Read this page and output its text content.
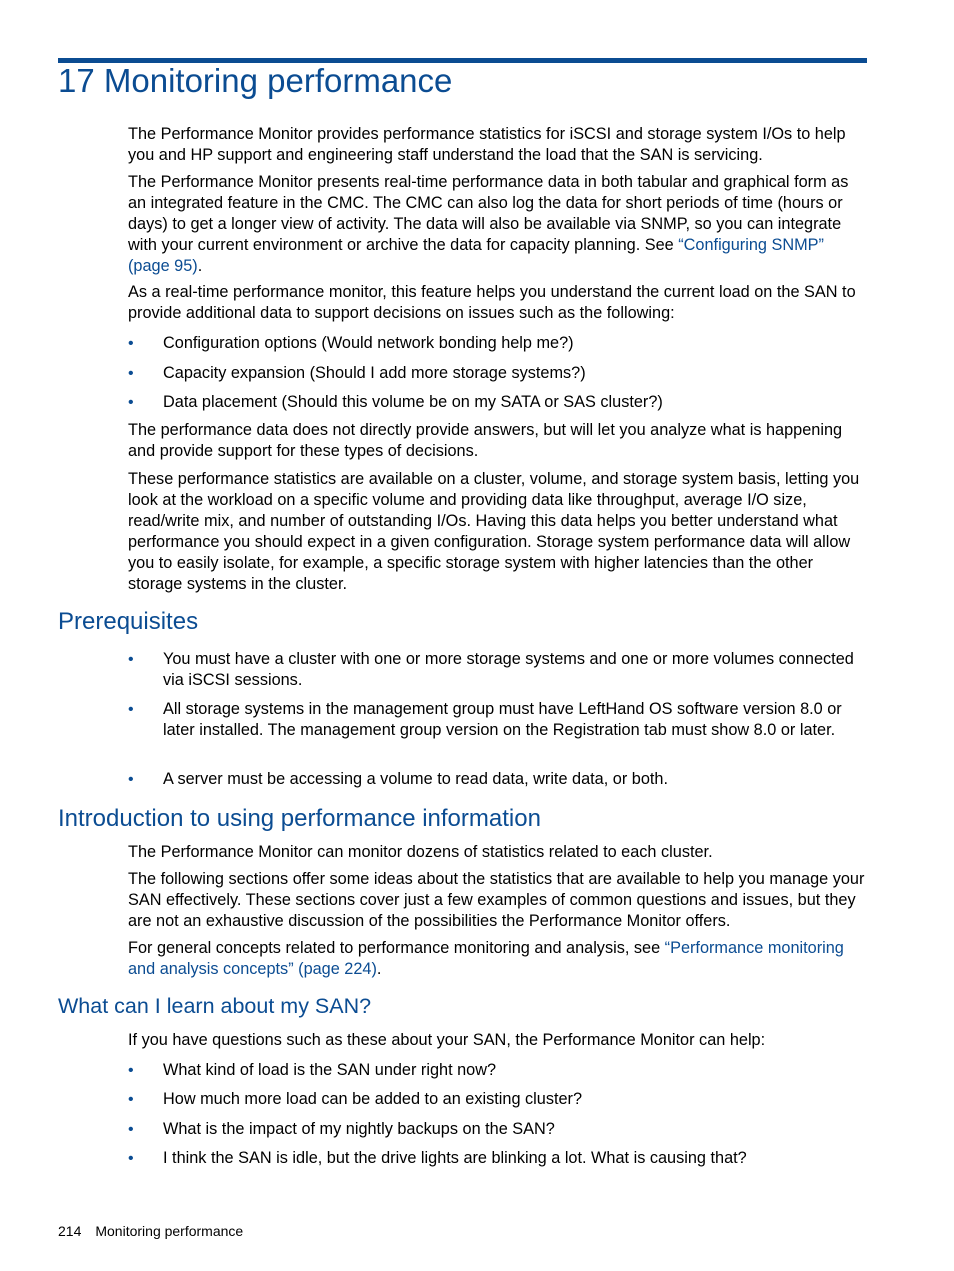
17 Monitoring performance

The Performance Monitor provides performance statistics for iSCSI and storage system I/Os to help you and HP support and engineering staff understand the load that the SAN is servicing.

The Performance Monitor presents real-time performance data in both tabular and graphical form as an integrated feature in the CMC. The CMC can also log the data for short periods of time (hours or days) to get a longer view of activity. The data will also be available via SNMP, so you can integrate with your current environment or archive the data for capacity planning. See “Configuring SNMP” (page 95).

As a real-time performance monitor, this feature helps you understand the current load on the SAN to provide additional data to support decisions on issues such as the following:

• Configuration options (Would network bonding help me?)
• Capacity expansion (Should I add more storage systems?)
• Data placement (Should this volume be on my SATA or SAS cluster?)

The performance data does not directly provide answers, but will let you analyze what is happening and provide support for these types of decisions.

These performance statistics are available on a cluster, volume, and storage system basis, letting you look at the workload on a specific volume and providing data like throughput, average I/O size, read/write mix, and number of outstanding I/Os. Having this data helps you better understand what performance you should expect in a given configuration. Storage system performance data will allow you to easily isolate, for example, a specific storage system with higher latencies than the other storage systems in the cluster.

Prerequisites
• You must have a cluster with one or more storage systems and one or more volumes connected via iSCSI sessions.
• All storage systems in the management group must have LeftHand OS software version 8.0 or later installed. The management group version on the Registration tab must show 8.0 or later.
• A server must be accessing a volume to read data, write data, or both.
Introduction to using performance information

The Performance Monitor can monitor dozens of statistics related to each cluster.

The following sections offer some ideas about the statistics that are available to help you manage your SAN effectively. These sections cover just a few examples of common questions and issues, but they are not an exhaustive discussion of the possibilities the Performance Monitor offers.

For general concepts related to performance monitoring and analysis, see “Performance monitoring and analysis concepts” (page 224).

What can I learn about my SAN?

If you have questions such as these about your SAN, the Performance Monitor can help:

• What kind of load is the SAN under right now?
• How much more load can be added to an existing cluster?
• What is the impact of my nightly backups on the SAN?
• I think the SAN is idle, but the drive lights are blinking a lot. What is causing that?
214 Monitoring performance
